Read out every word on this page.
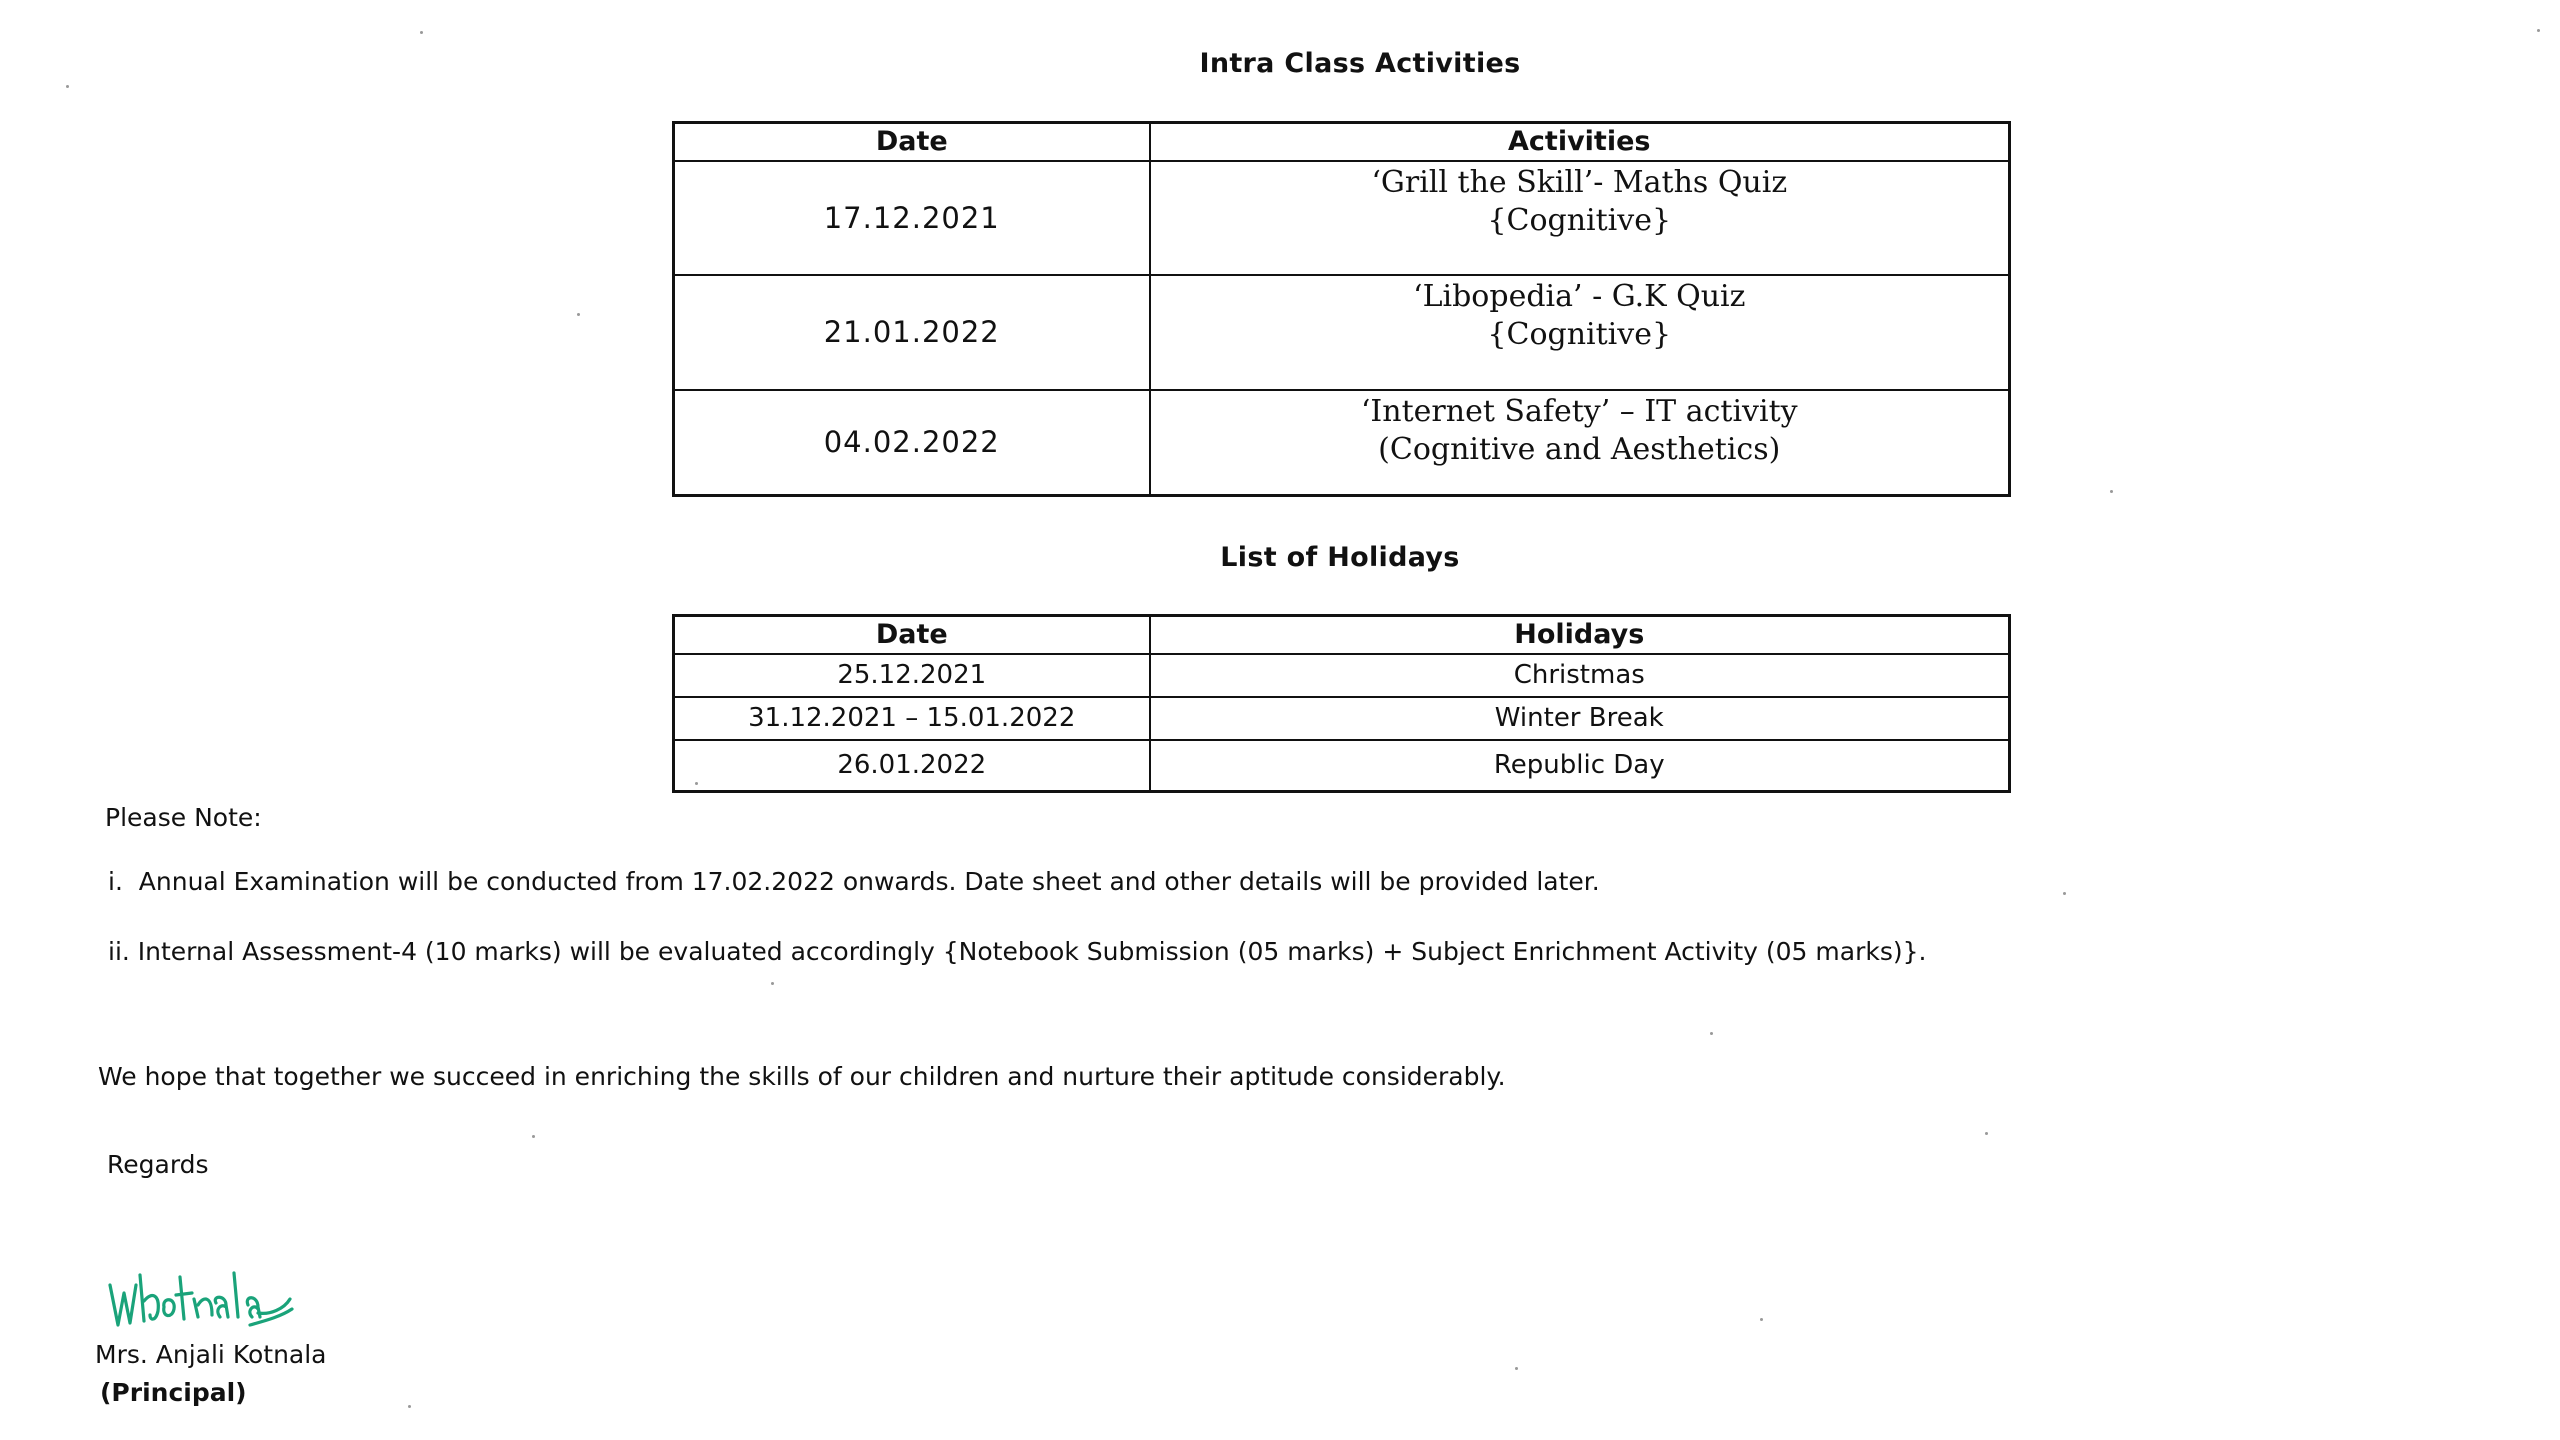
Intra Class Activities
Date	Activities
17.12.2021	‘Grill the Skill’- Maths Quiz
{Cognitive}

21.01.2022	‘Libopedia’ - G.K Quiz
{Cognitive}

04.02.2022	‘Internet Safety’ – IT activity
(Cognitive and Aesthetics)
List of Holidays
Date	Holidays
25.12.2021	Christmas
31.12.2021 – 15.01.2022	Winter Break
26.01.2022	Republic Day
Please Note:
i.  Annual Examination will be conducted from 17.02.2022 onwards. Date sheet and other details will be provided later.
ii. Internal Assessment-4 (10 marks) will be evaluated accordingly {Notebook Submission (05 marks) + Subject Enrichment Activity (05 marks)}.
We hope that together we succeed in enriching the skills of our children and nurture their aptitude considerably.
Regards
Mrs. Anjali Kotnala
(Principal)
